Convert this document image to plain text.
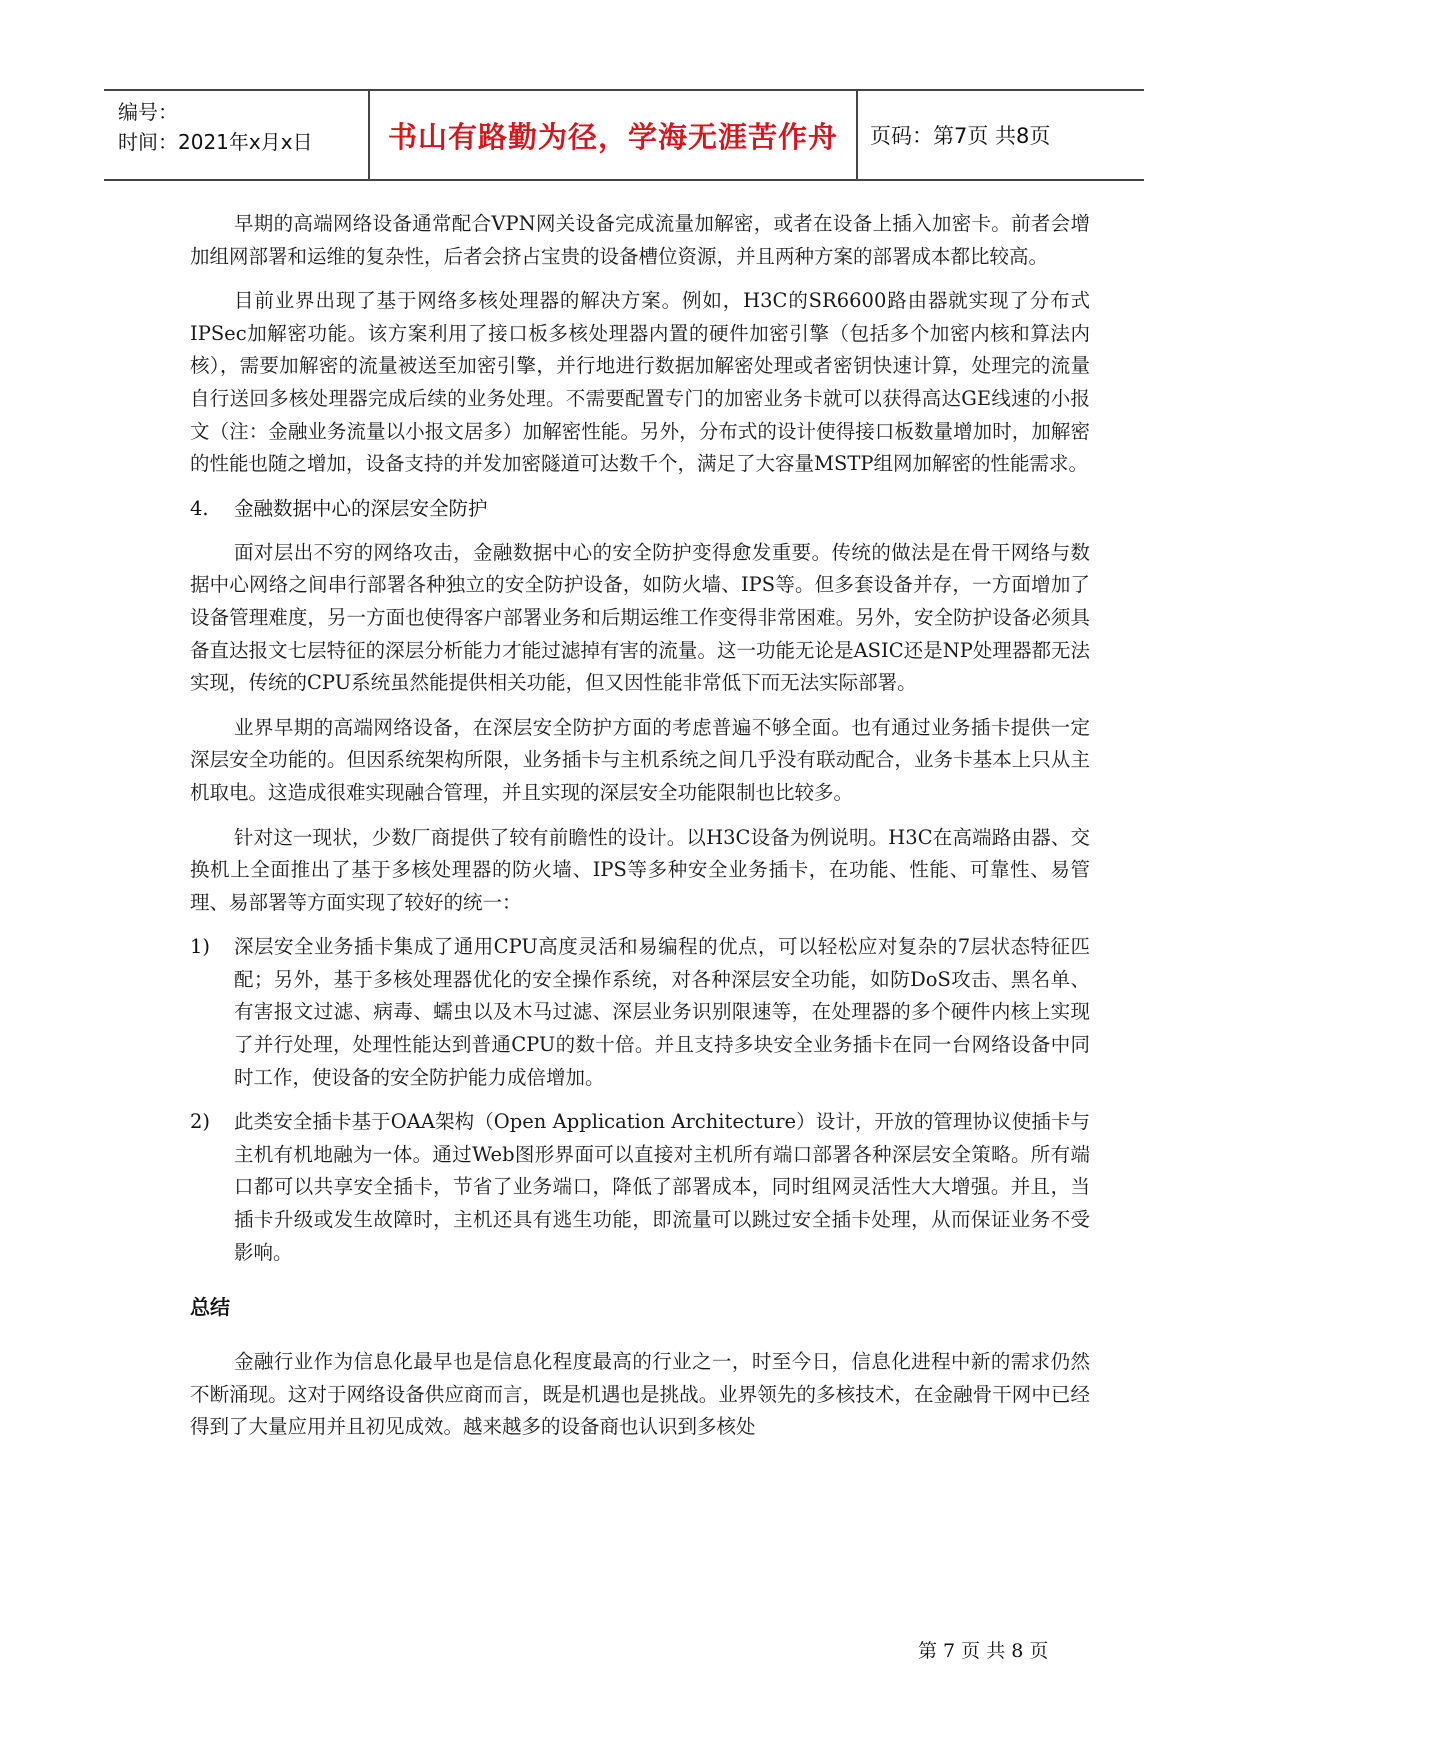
编号：
时间：2021年x月x日	书山有路勤为径，学海无涯苦作舟	页码：第7页 共8页

早期的高端网络设备通常配合VPN网关设备完成流量加解密，或者在设备上插入加密卡。前者会增加组网部署和运维的复杂性，后者会挤占宝贵的设备槽位资源，并且两种方案的部署成本都比较高。

目前业界出现了基于网络多核处理器的解决方案。例如，H3C的SR6600路由器就实现了分布式IPSec加解密功能。该方案利用了接口板多核处理器内置的硬件加密引擎（包括多个加密内核和算法内核），需要加解密的流量被送至加密引擎，并行地进行数据加解密处理或者密钥快速计算，处理完的流量自行送回多核处理器完成后续的业务处理。不需要配置专门的加密业务卡就可以获得高达GE线速的小报文（注：金融业务流量以小报文居多）加解密性能。另外，分布式的设计使得接口板数量增加时，加解密的性能也随之增加，设备支持的并发加密隧道可达数千个，满足了大容量MSTP组网加解密的性能需求。

4. 金融数据中心的深层安全防护

面对层出不穷的网络攻击，金融数据中心的安全防护变得愈发重要。传统的做法是在骨干网络与数据中心网络之间串行部署各种独立的安全防护设备，如防火墙、IPS等。但多套设备并存，一方面增加了设备管理难度，另一方面也使得客户部署业务和后期运维工作变得非常困难。另外，安全防护设备必须具备直达报文七层特征的深层分析能力才能过滤掉有害的流量。这一功能无论是ASIC还是NP处理器都无法实现，传统的CPU系统虽然能提供相关功能，但又因性能非常低下而无法实际部署。

业界早期的高端网络设备，在深层安全防护方面的考虑普遍不够全面。也有通过业务插卡提供一定深层安全功能的。但因系统架构所限，业务插卡与主机系统之间几乎没有联动配合，业务卡基本上只从主机取电。这造成很难实现融合管理，并且实现的深层安全功能限制也比较多。

针对这一现状，少数厂商提供了较有前瞻性的设计。以H3C设备为例说明。H3C在高端路由器、交换机上全面推出了基于多核处理器的防火墙、IPS等多种安全业务插卡，在功能、性能、可靠性、易管理、易部署等方面实现了较好的统一：

1)	深层安全业务插卡集成了通用CPU高度灵活和易编程的优点，可以轻松应对复杂的7层状态特征匹配；另外，基于多核处理器优化的安全操作系统，对各种深层安全功能，如防DoS攻击、黑名单、有害报文过滤、病毒、蠕虫以及木马过滤、深层业务识别限速等，在处理器的多个硬件内核上实现了并行处理，处理性能达到普通CPU的数十倍。并且支持多块安全业务插卡在同一台网络设备中同时工作，使设备的安全防护能力成倍增加。
2)	此类安全插卡基于OAA架构（Open Application Architecture）设计，开放的管理协议使插卡与主机有机地融为一体。通过Web图形界面可以直接对主机所有端口部署各种深层安全策略。所有端口都可以共享安全插卡，节省了业务端口，降低了部署成本，同时组网灵活性大大增强。并且，当插卡升级或发生故障时，主机还具有逃生功能，即流量可以跳过安全插卡处理，从而保证业务不受影响。
总结

金融行业作为信息化最早也是信息化程度最高的行业之一，时至今日，信息化进程中新的需求仍然不断涌现。这对于网络设备供应商而言，既是机遇也是挑战。业界领先的多核技术，在金融骨干网中已经得到了大量应用并且初见成效。越来越多的设备商也认识到多核处

第 7 页 共 8 页
